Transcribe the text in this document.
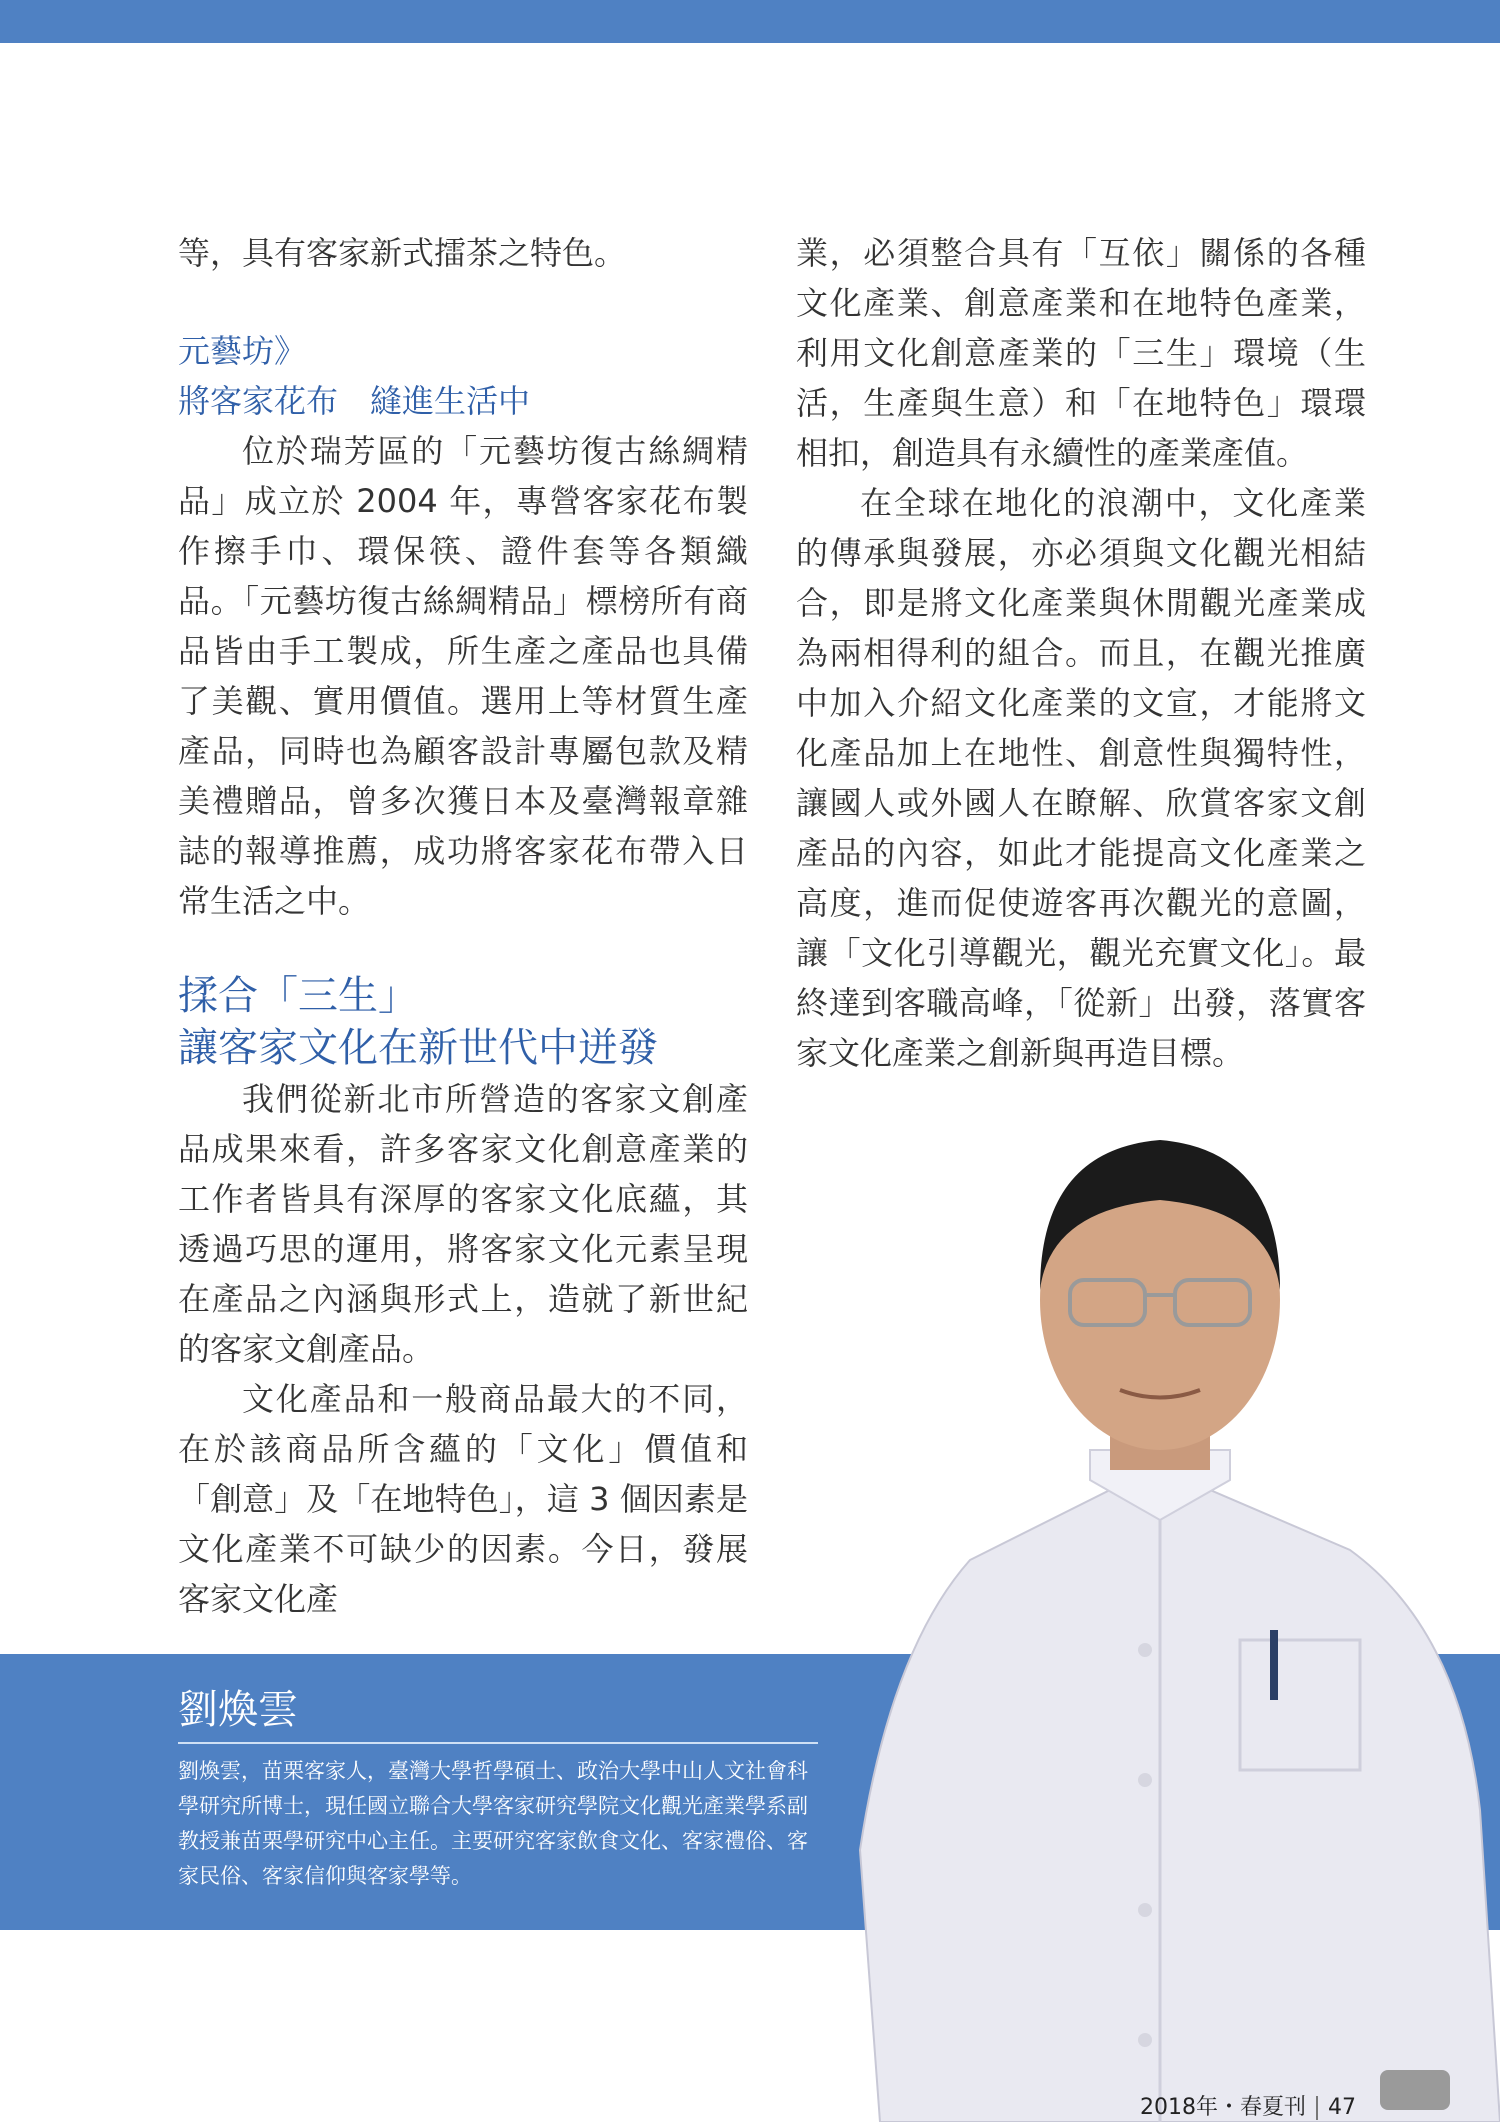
等，具有客家新式擂茶之特色。

元藝坊》

將客家花布　縫進生活中

位於瑞芳區的「元藝坊復古絲綢精品」成立於 2004 年，專營客家花布製作擦手巾、環保筷、證件套等各類織品。「元藝坊復古絲綢精品」標榜所有商品皆由手工製成，所生產之產品也具備了美觀、實用價值。選用上等材質生產產品，同時也為顧客設計專屬包款及精美禮贈品，曾多次獲日本及臺灣報章雜誌的報導推薦，成功將客家花布帶入日常生活之中。

揉合「三生」
讓客家文化在新世代中迸發

我們從新北市所營造的客家文創產品成果來看，許多客家文化創意產業的工作者皆具有深厚的客家文化底蘊，其透過巧思的運用，將客家文化元素呈現在產品之內涵與形式上，造就了新世紀的客家文創產品。

文化產品和一般商品最大的不同，在於該商品所含蘊的「文化」價值和「創意」及「在地特色」，這 3 個因素是文化產業不可缺少的因素。今日，發展客家文化產

業，必須整合具有「互依」關係的各種文化產業、創意產業和在地特色產業，利用文化創意產業的「三生」環境（生活，生產與生意）和「在地特色」環環相扣，創造具有永續性的產業產值。

在全球在地化的浪潮中，文化產業的傳承與發展，亦必須與文化觀光相結合，即是將文化產業與休閒觀光產業成為兩相得利的組合。而且，在觀光推廣中加入介紹文化產業的文宣，才能將文化產品加上在地性、創意性與獨特性，讓國人或外國人在瞭解、欣賞客家文創產品的內容，如此才能提高文化產業之高度，進而促使遊客再次觀光的意圖，讓「文化引導觀光，觀光充實文化」。最終達到客職高峰，「從新」出發，落實客家文化產業之創新與再造目標。

劉煥雲
劉煥雲，苗栗客家人，臺灣大學哲學碩士、政治大學中山人文社會科學研究所博士，現任國立聯合大學客家研究學院文化觀光產業學系副教授兼苗栗學研究中心主任。主要研究客家飲食文化、客家禮俗、客家民俗、客家信仰與客家學等。
2018年・春夏刊 47
